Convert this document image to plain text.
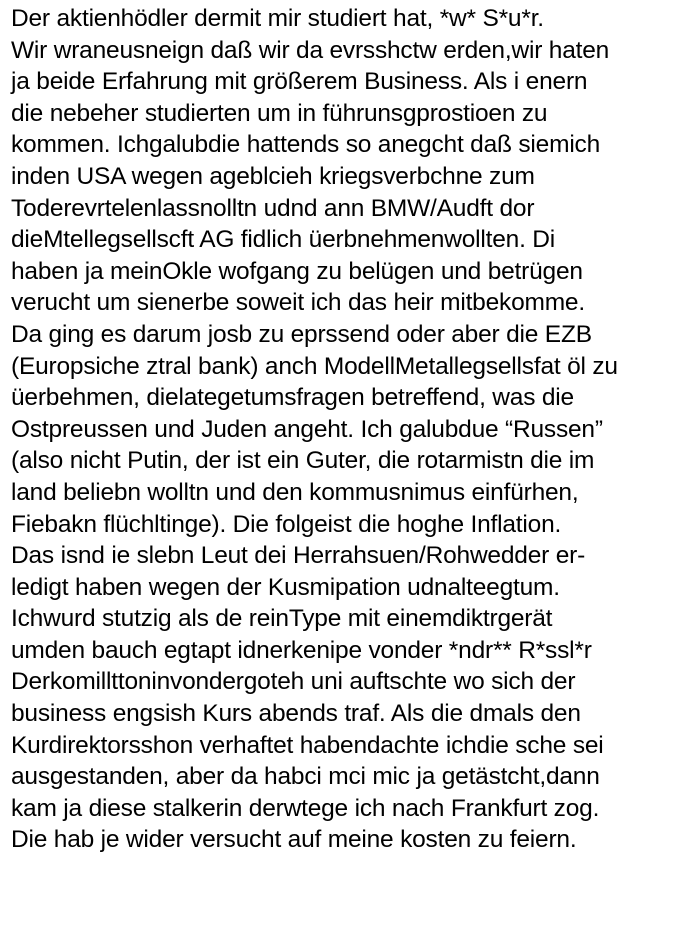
Der aktienhödler dermit mir studiert hat, *w* S*u*r.
Wir wraneusneign daß wir da evrsshctw erden,wir haten
ja beide Erfahrung mit größerem Business. Als i enern
die nebeher studierten um in führunsgprostioen zu
kommen. Ichgalubdie hattends so anegcht daß siemich
inden USA wegen ageblcieh kriegsverbchne zum
Toderevrtelenlassnolltn udnd ann BMW/Audft dor
dieMtellegsellscft AG fidlich üerbnehmenwollten. Di
haben ja meinOkle wofgang zu belügen und betrügen
verucht um sienerbe soweit ich das heir mitbekomme.
Da ging es darum josb zu eprssend oder aber die EZB
(Europsiche ztral bank) anch ModellMetallegsellsfat öl zu
üerbehmen, dielategetumsfragen betreffend, was die
Ostpreussen und Juden angeht. Ich galubdue “Russen”
(also nicht Putin, der ist ein Guter, die rotarmistn die im
land beliebn wolltn und den kommusnimus einfürhen,
Fiebakn flüchltinge). Die folgeist die hoghe Inflation.
Das isnd ie slebn Leut dei Herrahsuen/Rohwedder er-
ledigt haben wegen der Kusmipation udnalteegtum.
Ichwurd stutzig als de reinType mit einemdiktrgerät
umden bauch egtapt idnerkenipe vonder *ndr** R*ssl*r
Derkomillttoninvondergoteh uni auftschte wo sich der
business engsish Kurs abends traf. Als die dmals den
Kurdirektorsshon verhaftet habendachte ichdie sche sei
ausgestanden, aber da habci mci mic ja getästcht,dann
kam ja diese stalkerin derwtege ich nach Frankfurt zog.
Die hab je wider versucht auf meine kosten zu feiern.
